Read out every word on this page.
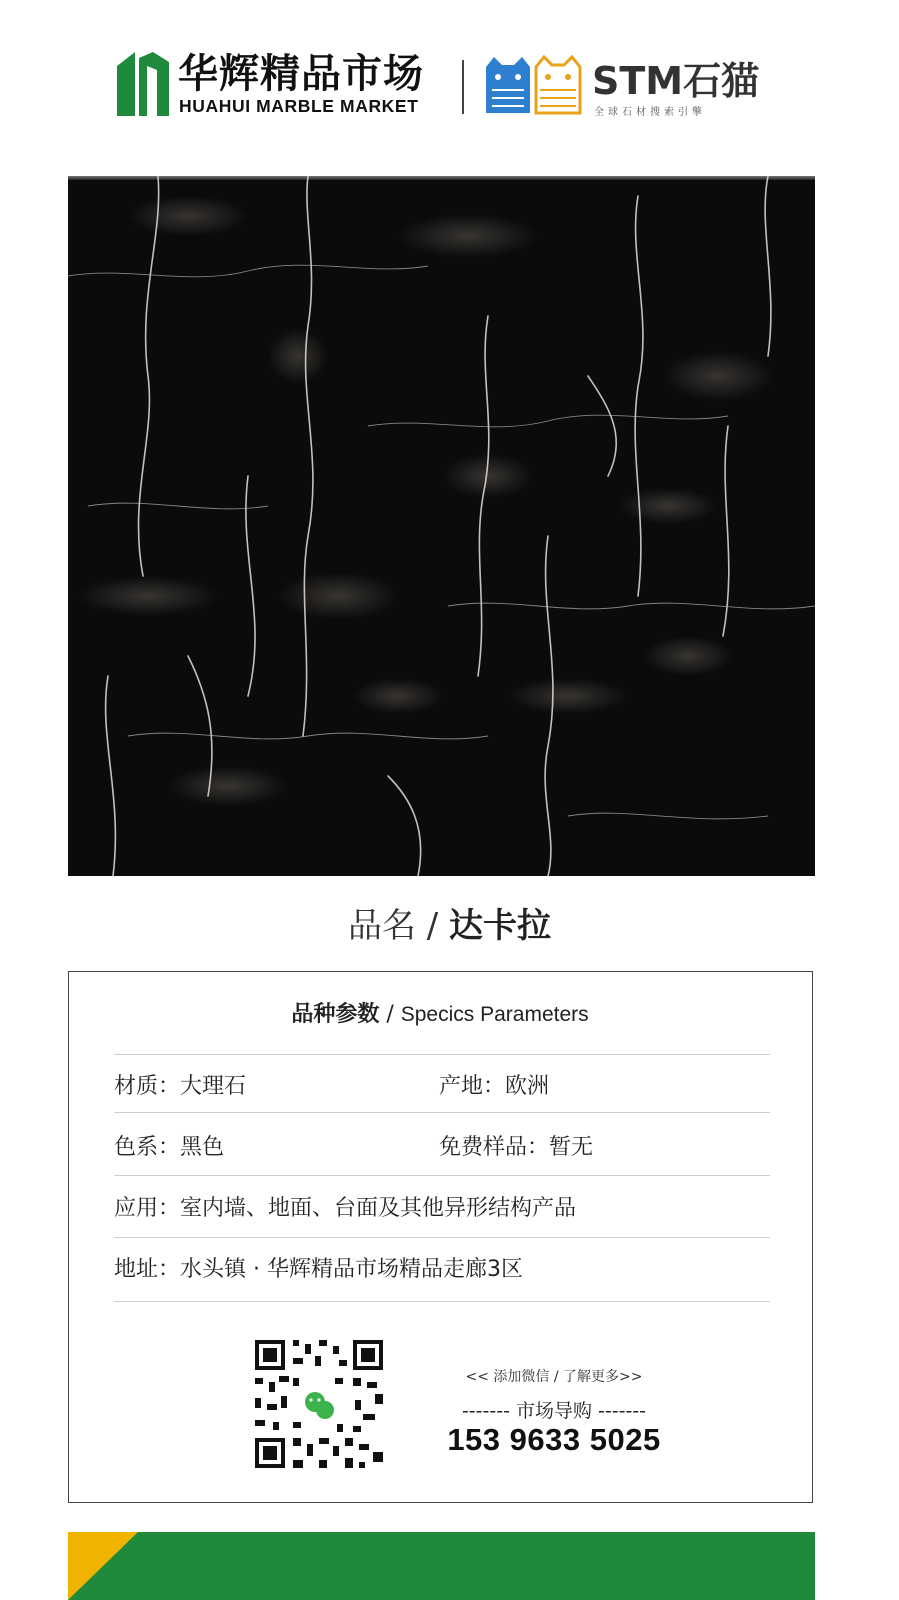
华辉精品市场
HUAHUI MARBLE MARKET
STM石猫
全球石材搜索引擎
品名 / 达卡拉
品种参数 / Specics Parameters
材质：大理石	产地：欧洲
色系：黑色	免费样品：暂无
应用：室内墙、地面、台面及其他异形结构产品
地址：水头镇 · 华辉精品市场精品走廊3区
<< 添加微信 / 了解更多>>
------- 市场导购 -------
153 9633 5025
